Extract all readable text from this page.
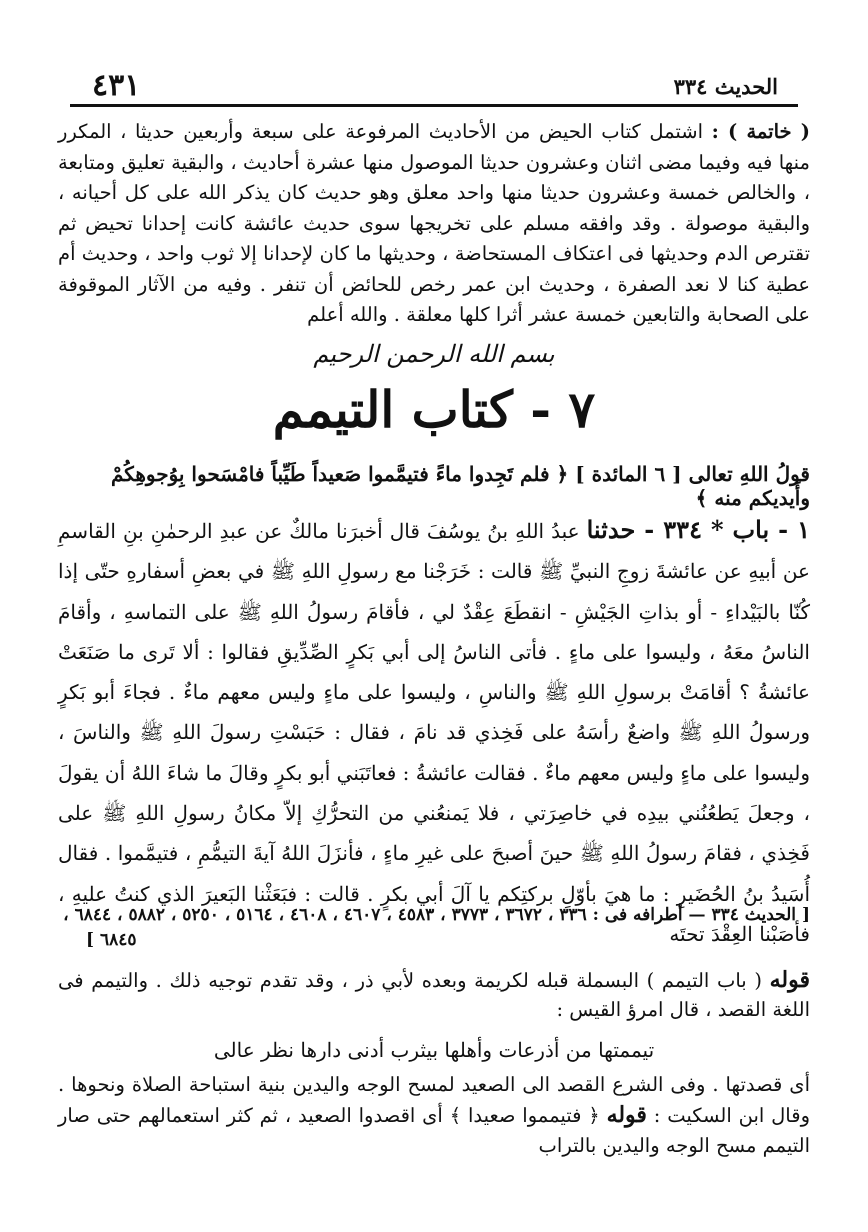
٤٣١	الحديث ٣٣٤
( خاتمة ) : اشتمل كتاب الحيض من الأحاديث المرفوعة على سبعة وأربعين حديثا ، المكرر منها فيه وفيما مضى اثنان وعشرون حديثا الموصول منها عشرة أحاديث ، والبقية تعليق ومتابعة ، والخالص خمسة وعشرون حديثا منها واحد معلق وهو حديث كان يذكر الله على كل أحيانه ، والبقية موصولة . وقد وافقه مسلم على تخريجها سوى حديث عائشة كانت إحدانا تحيض ثم تقترص الدم وحديثها فى اعتكاف المستحاضة ، وحديثها ما كان لإحدانا إلا ثوب واحد ، وحديث أم عطية كنا لا نعد الصفرة ، وحديث ابن عمر رخص للحائض أن تنفر . وفيه من الآثار الموقوفة على الصحابة والتابعين خمسة عشر أثرا كلها معلقة . والله أعلم
بسم الله الرحمن الرحيم
٧ - كتاب التيمم
قولُ اللهِ تعالى [ ٦ المائدة ] ﴿ فلم تَجِدوا ماءً فتيمَّموا صَعيداً طَيِّباً فامْسَحوا بِوُجوهِكُمْ وأَيديكم منه ﴾
١ - باب * ٣٣٤ - حدثنا عبدُ اللهِ بنُ يوسُفَ قال أخبرَنا مالكٌ عن عبدِ الرحمٰنِ بنِ القاسمِ عن أبيهِ عن عائشةَ زوجِ النبيِّ ﷺ قالت : خَرَجْنا مع رسولِ اللهِ ﷺ في بعضِ أسفارهِ حتّى إذا كُنّا بالبَيْداءِ - أو بذاتِ الجَيْشِ - انقطَعَ عِقْدٌ لي ، فأقامَ رسولُ اللهِ ﷺ على التماسهِ ، وأقامَ الناسُ معَهُ ، وليسوا على ماءٍ . فأتى الناسُ إلى أبي بَكرٍ الصِّدِّيقِ فقالوا : ألا تَرى ما صَنَعَتْ عائشةُ ؟ أقامَتْ برسولِ اللهِ ﷺ والناسِ ، وليسوا على ماءٍ وليس معهم ماءٌ . فجاءَ أبو بَكرٍ ورسولُ اللهِ ﷺ واضعٌ رأسَهُ على فَخِذي قد نامَ ، فقال : حَبَسْتِ رسولَ اللهِ ﷺ والناسَ ، وليسوا على ماءٍ وليس معهم ماءٌ . فقالت عائشةُ : فعاتَبَني أبو بكرٍ وقالَ ما شاءَ اللهُ أن يقولَ ، وجعلَ يَطعُنُني بيدِه في خاصِرَتي ، فلا يَمنعُني من التحرُّكِ إلاّ مكانُ رسولِ اللهِ ﷺ على فَخِذي ، فقامَ رسولُ اللهِ ﷺ حينَ أصبحَ على غيرِ ماءٍ ، فأنزَلَ اللهُ آيةَ التيمُّمِ ، فتيمَّموا . فقال أُسَيدُ بنُ الحُضَيرِ : ما هيَ بأوّلِ بركتِكم يا آلَ أبي بكرٍ . قالت : فبَعَثْنا البَعيرَ الذي كنتُ عليهِ ، فأصَبْنا العِقْدَ تحتَه
[ الحديث ٣٣٤ — أطرافه فى : ٣٣٦ ، ٣٦٧٢ ، ٣٧٧٣ ، ٤٥٨٣ ، ٤٦٠٧ ، ٤٦٠٨ ، ٥١٦٤ ، ٥٢٥٠ ، ٥٨٨٢ ، ٦٨٤٤ ،
٦٨٤٥ ]
قوله ( باب التيمم ) البسملة قبله لكريمة وبعده لأبي ذر ، وقد تقدم توجيه ذلك . والتيمم فى اللغة القصد ، قال امرؤ القيس :
تيممتها من أذرعات وأهلها بيثرب أدنى دارها نظر عالى
أى قصدتها . وفى الشرع القصد الى الصعيد لمسح الوجه واليدين بنية استباحة الصلاة ونحوها . وقال ابن السكيت : قوله ﴿ فتيمموا صعيدا ﴾ أى اقصدوا الصعيد ، ثم كثر استعمالهم حتى صار التيمم مسح الوجه واليدين بالتراب
